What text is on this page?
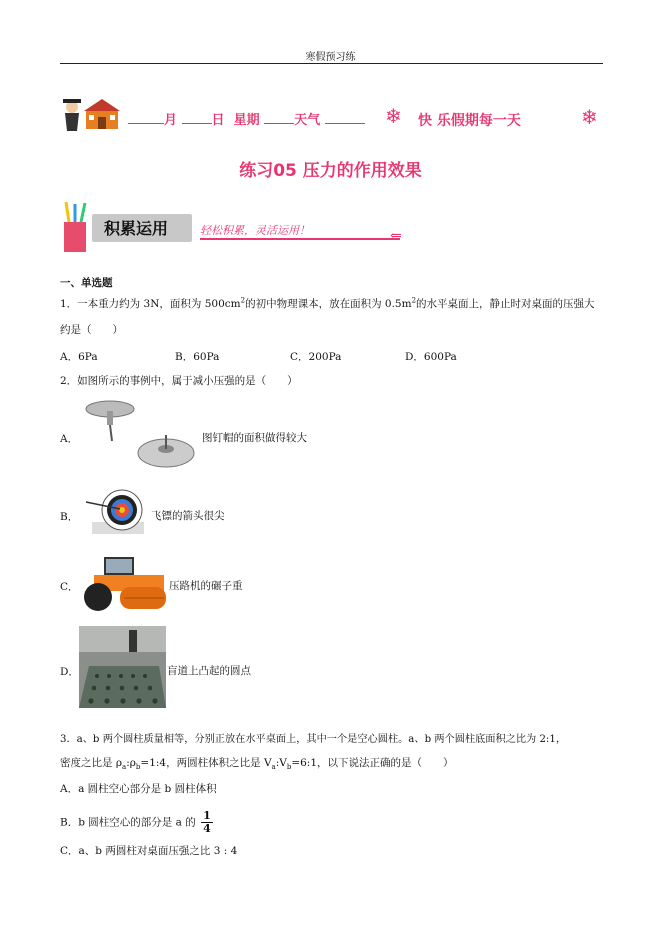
寒假预习练
月	日 星期	天气	❄ 快 乐假期每一天	❄
练习05 压力的作用效果
积累运用	轻松积累，灵活运用！	⇐
一、单选题
1．一本重力约为 3N，面积为 $500cm^2$的初中物理课本，放在面积为 $0.5m^2$的水平桌面上，静止时对桌面的压强大
约是（　　）
A．6Pa	B．60Pa	C．200Pa	D．600Pa
2．如图所示的事例中，属于减小压强的是（　　）
A．	图钉帽的面积做得较大
B．	飞镖的箭头很尖
C．	压路机的碾子重
D．	盲道上凸起的圆点
3．a、b 两个圆柱质量相等，分别正放在水平桌面上，其中一个是空心圆柱。a、b 两个圆柱底面积之比为 2:1，
密度之比是 $\rho_a:\rho_b=1:4$，两圆柱体积之比是 $V_a:V_b=6:1$，以下说法正确的是（　　）
A．a 圆柱空心部分是 b 圆柱体积
B．b 圆柱空心的部分是 a 的 $\frac{1}{4}$
C．a、b 两圆柱对桌面压强之比 3 : 4
